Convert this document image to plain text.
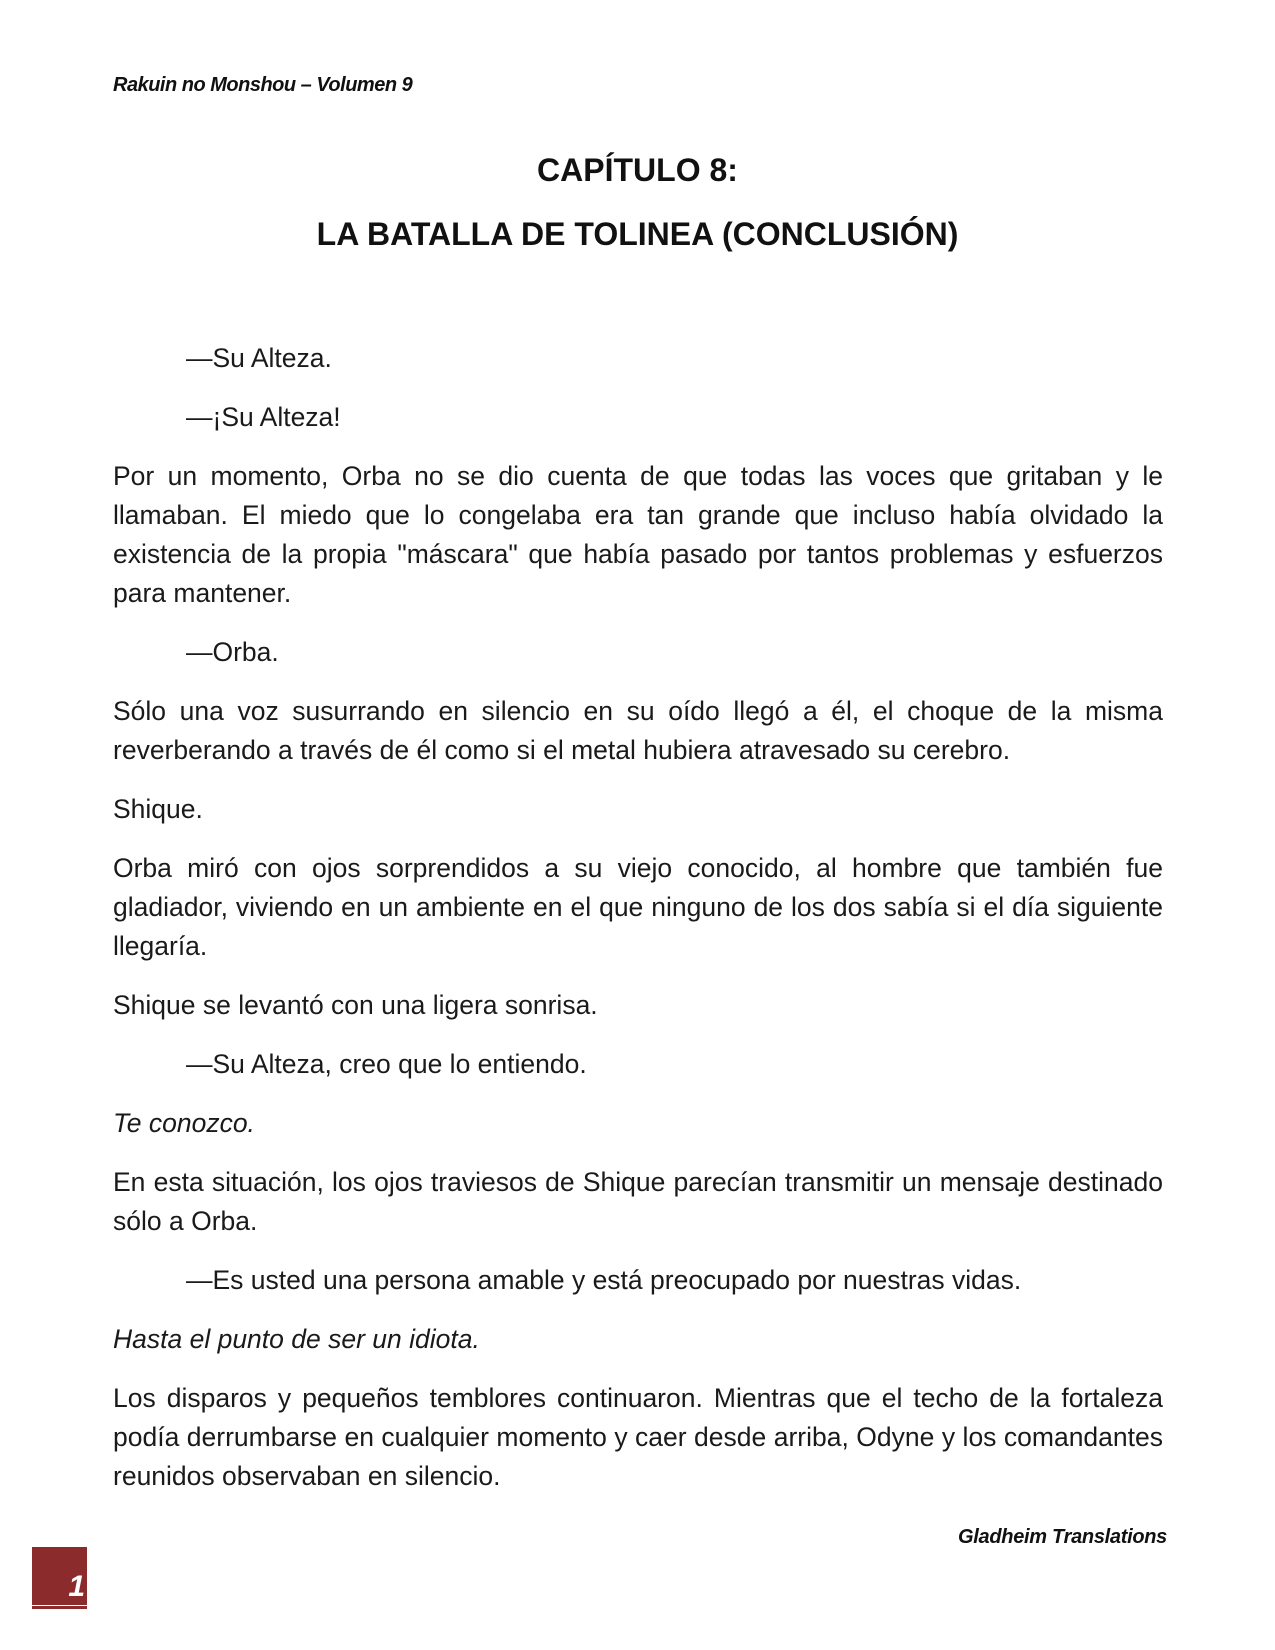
Rakuin no Monshou – Volumen 9
CAPÍTULO 8:
LA BATALLA DE TOLINEA (CONCLUSIÓN)

—Su Alteza.

—¡Su Alteza!

Por un momento, Orba no se dio cuenta de que todas las voces que gritaban y le llamaban. El miedo que lo congelaba era tan grande que incluso había olvidado la existencia de la propia "máscara" que había pasado por tantos problemas y esfuerzos para mantener.

—Orba.

Sólo una voz susurrando en silencio en su oído llegó a él, el choque de la misma reverberando a través de él como si el metal hubiera atravesado su cerebro.

Shique.

Orba miró con ojos sorprendidos a su viejo conocido, al hombre que también fue gladiador, viviendo en un ambiente en el que ninguno de los dos sabía si el día siguiente llegaría.

Shique se levantó con una ligera sonrisa.

—Su Alteza, creo que lo entiendo.

Te conozco.

En esta situación, los ojos traviesos de Shique parecían transmitir un mensaje destinado sólo a Orba.

—Es usted una persona amable y está preocupado por nuestras vidas.

Hasta el punto de ser un idiota.

Los disparos y pequeños temblores continuaron. Mientras que el techo de la fortaleza podía derrumbarse en cualquier momento y caer desde arriba, Odyne y los comandantes reunidos observaban en silencio.

Gladheim Translations
1
